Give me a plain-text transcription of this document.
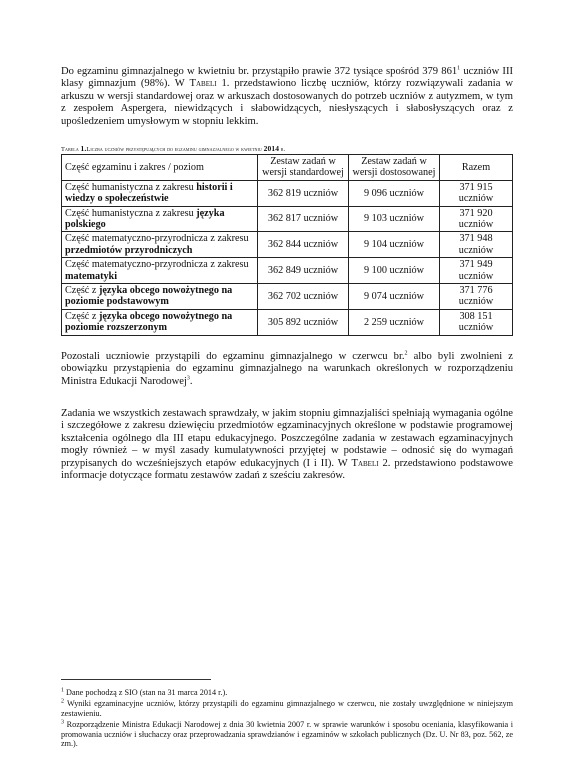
Do egzaminu gimnazjalnego w kwietniu br. przystąpiło prawie 372 tysiące spośród 379 $861^1$ uczniów III klasy gimnazjum (98%). W Tabeli 1. przedstawiono liczbę uczniów, którzy rozwiązywali zadania w arkuszu w wersji standardowej oraz w arkuszach dostosowanych do potrzeb uczniów z autyzmem, w tym z zespołem Aspergera, niewidzących i słabowidzących, niesłyszących i słabosłyszących oraz z upośledzeniem umysłowym w stopniu lekkim.

Tabela 1.Liczba uczniów przystępujących do egzaminu gimnazjalnego w kwietniu 2014 r.
Część egzaminu i zakres / poziom	Zestaw zadań w wersji standardowej	Zestaw zadań w wersji dostosowanej	Razem
Część humanistyczna z zakresu historii i wiedzy o społeczeństwie	362 819 uczniów	9 096 uczniów	371 915 uczniów
Część humanistyczna z zakresu języka polskiego	362 817 uczniów	9 103 uczniów	371 920 uczniów
Część matematyczno-przyrodnicza z zakresu przedmiotów przyrodniczych	362 844 uczniów	9 104 uczniów	371 948 uczniów
Część matematyczno-przyrodnicza z zakresu matematyki	362 849 uczniów	9 100 uczniów	371 949 uczniów
Część z języka obcego nowożytnego na poziomie podstawowym	362 702 uczniów	9 074 uczniów	371 776 uczniów
Część z języka obcego nowożytnego na poziomie rozszerzonym	305 892 uczniów	2 259 uczniów	308 151 uczniów

Pozostali uczniowie przystąpili do egzaminu gimnazjalnego w czerwcu br.$^2$ albo byli zwolnieni z obowiązku przystąpienia do egzaminu gimnazjalnego na warunkach określonych w rozporządzeniu Ministra Edukacji Narodowej$^3$.

Zadania we wszystkich zestawach sprawdzały, w jakim stopniu gimnazjaliści spełniają wymagania ogólne i szczegółowe z zakresu dziewięciu przedmiotów egzaminacyjnych określone w podstawie programowej kształcenia ogólnego dla III etapu edukacyjnego. Poszczególne zadania w zestawach egzaminacyjnych mogły również – w myśl zasady kumulatywności przyjętej w podstawie – odnosić się do wymagań przypisanych do wcześniejszych etapów edukacyjnych (I i II). W Tabeli 2. przedstawiono podstawowe informacje dotyczące formatu zestawów zadań z sześciu zakresów.

$^1$ Dane pochodzą z SIO (stan na 31 marca 2014 r.).

$^2$ Wyniki egzaminacyjne uczniów, którzy przystąpili do egzaminu gimnazjalnego w czerwcu, nie zostały uwzględnione w niniejszym zestawieniu.

$^3$ Rozporządzenie Ministra Edukacji Narodowej z dnia 30 kwietnia 2007 r. w sprawie warunków i sposobu oceniania, klasyfikowania i promowania uczniów i słuchaczy oraz przeprowadzania sprawdzianów i egzaminów w szkołach publicznych (Dz. U. Nr 83, poz. 562, ze zm.).
